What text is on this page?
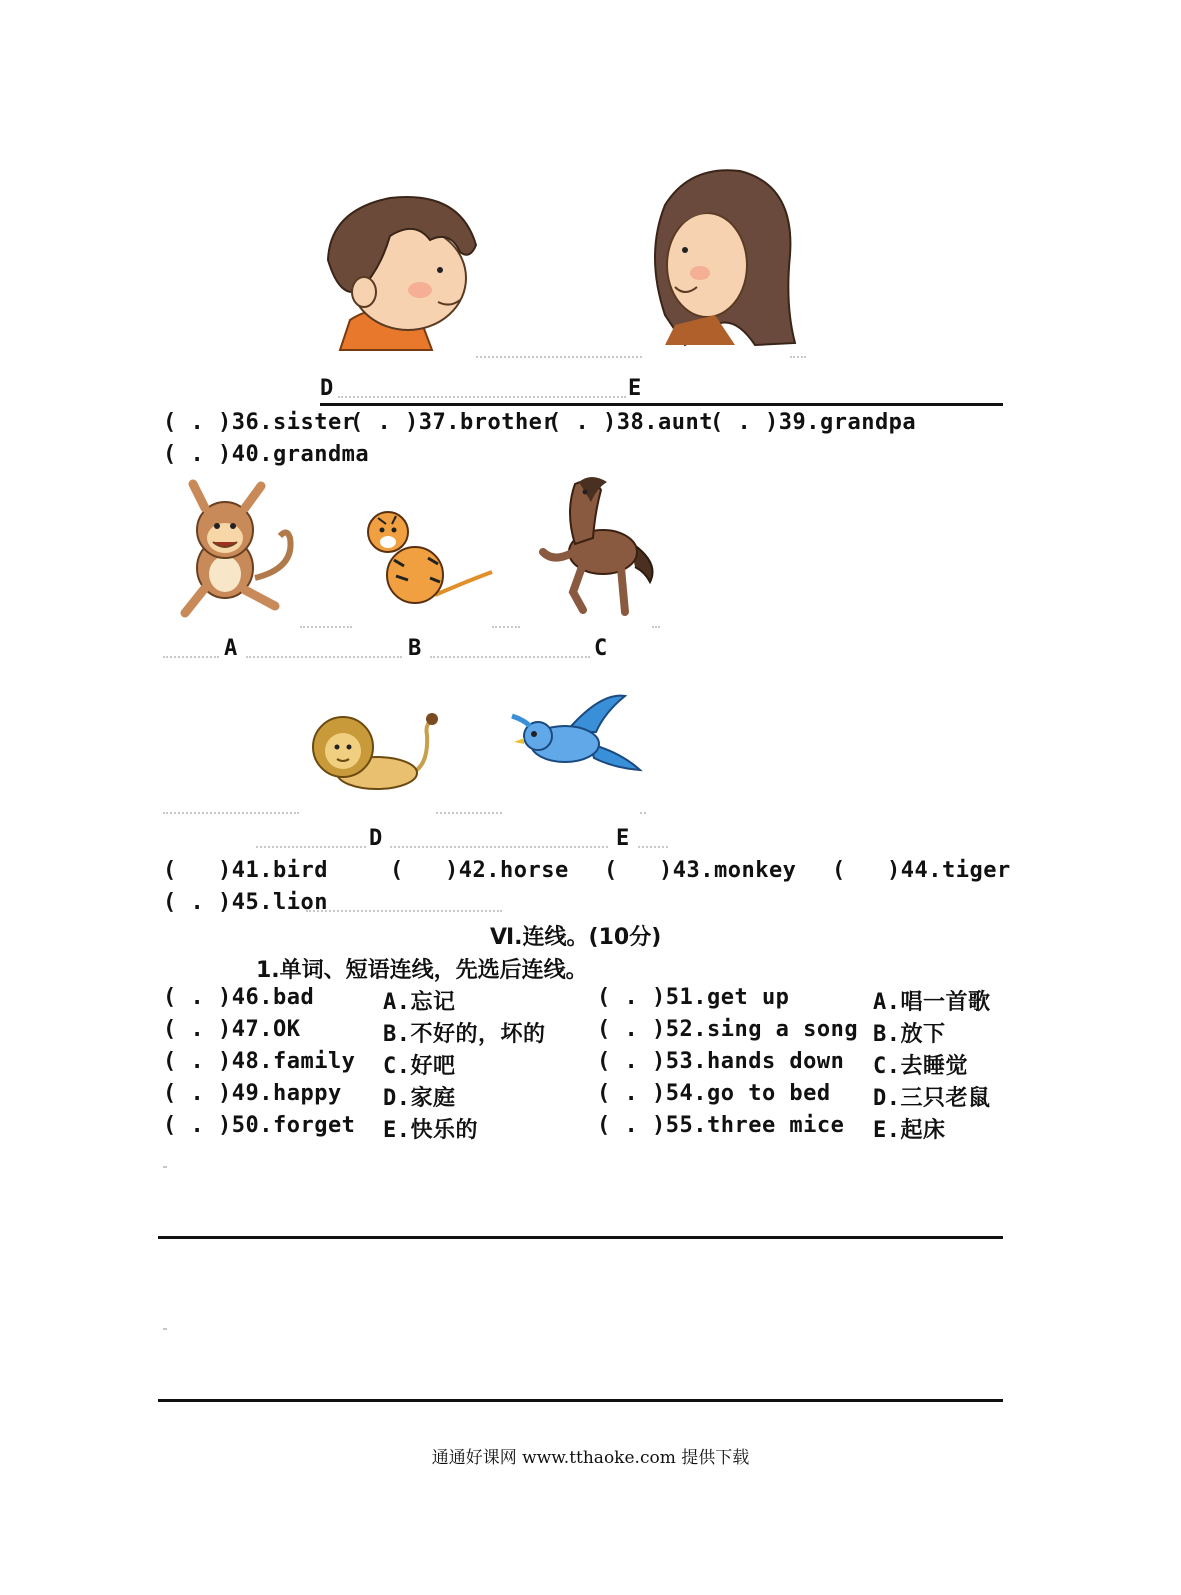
D	E
( . )36.sister
( . )37.brother
( . )38.aunt
( . )39.grandpa
( . )40.grandma
A	B	C
D	E
(   )41.bird	(   )42.horse (   )43.monkey (   )44.tiger
( . )45.lion
Ⅵ.连线。(10分)
1.单词、短语连线，先选后连线。
( . )46.bad	A.忘记	( . )51.get up	A.唱一首歌
( . )47.OK	B.不好的，坏的 ( . )52.sing a song B.放下
( . )48.family C.好吧	( . )53.hands down C.去睡觉
( . )49.happy D.家庭	( . )54.go to bed D.三只老鼠
( . )50.forget E.快乐的	( . )55.three mice E.起床
通通好课网 www.tthaoke.com 提供下载
